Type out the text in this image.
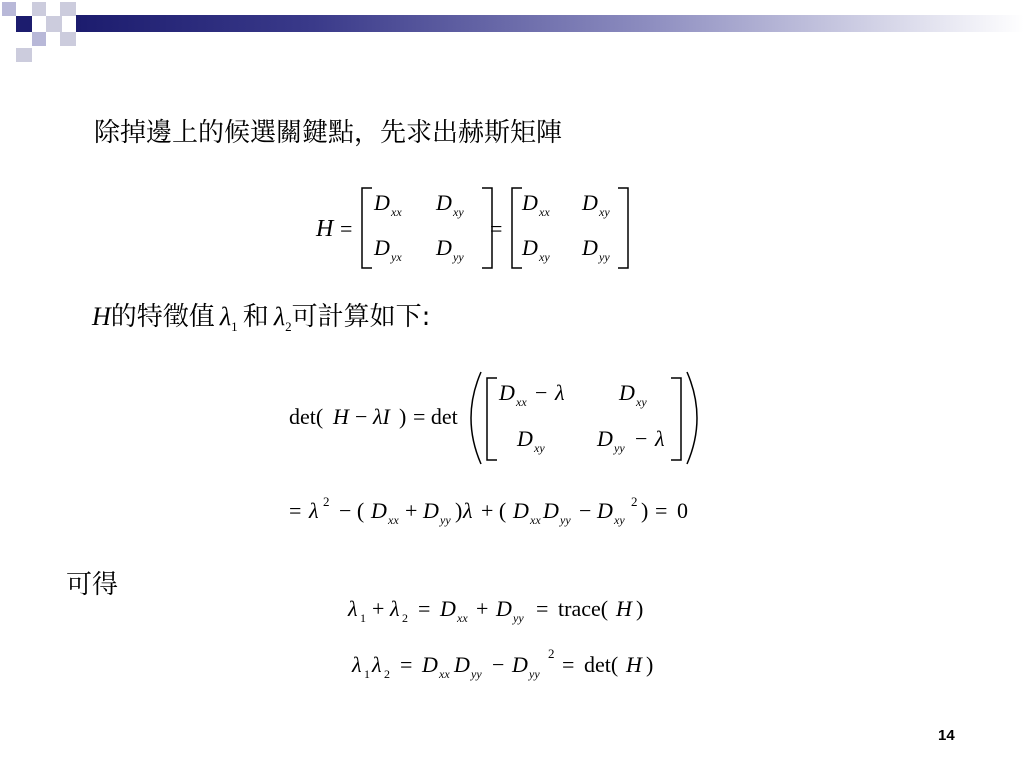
除掉邊上的候選關鍵點，先求出赫斯矩陣
H =
D xx D xy
D yx D yy
=
D xx D xy
D xy D yy
H的特徵值 $\lambda_1$ 和 $\lambda_2$可計算如下:
det( H − λI ) = det
D xx − λ D xy
D xy D yy − λ
= λ 2 − ( D xx + D yy ) λ + ( D xx D yy − D xy
2 ) = 0
可得
λ 1 + λ 2 = D xx + D yy = trace( H )
λ 1 λ 2 = D xx D yy − D yy
2 = det( H )
14
